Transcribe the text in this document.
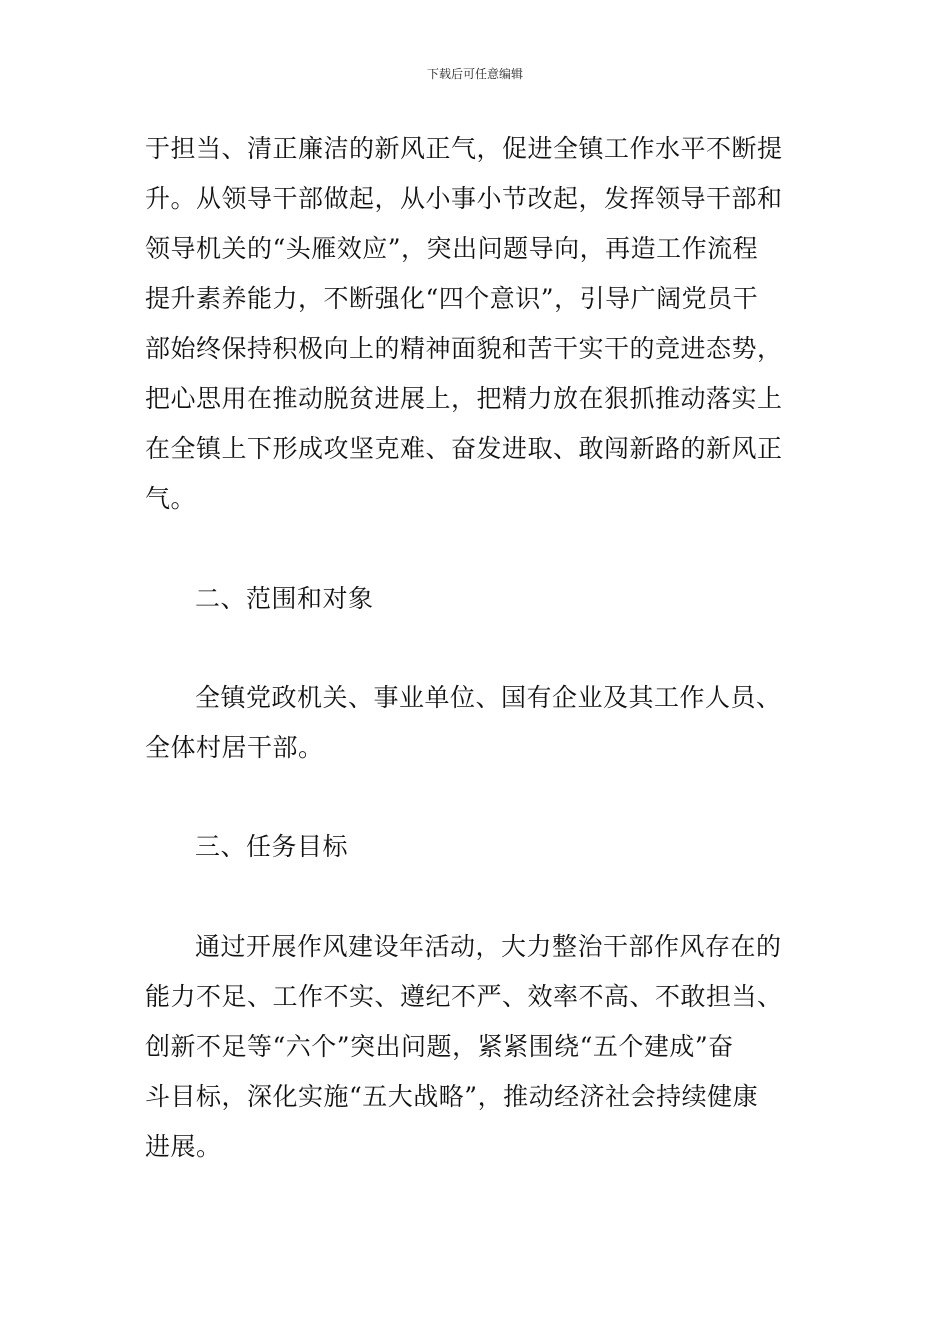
下载后可任意编辑
于担当、清正廉洁的新风正气，促进全镇工作水平不断提
升。从领导干部做起，从小事小节改起，发挥领导干部和
领导机关的“头雁效应”，突出问题导向，再造工作流程
提升素养能力，不断强化“四个意识”，引导广阔党员干
部始终保持积极向上的精神面貌和苦干实干的竞进态势，
把心思用在推动脱贫进展上，把精力放在狠抓推动落实上
在全镇上下形成攻坚克难、奋发进取、敢闯新路的新风正
气。
二、范围和对象
全镇党政机关、事业单位、国有企业及其工作人员、
全体村居干部。
三、任务目标
通过开展作风建设年活动，大力整治干部作风存在的
能力不足、工作不实、遵纪不严、效率不高、不敢担当、
创新不足等“六个”突出问题，紧紧围绕“五个建成”奋
斗目标，深化实施“五大战略”，推动经济社会持续健康
进展。
